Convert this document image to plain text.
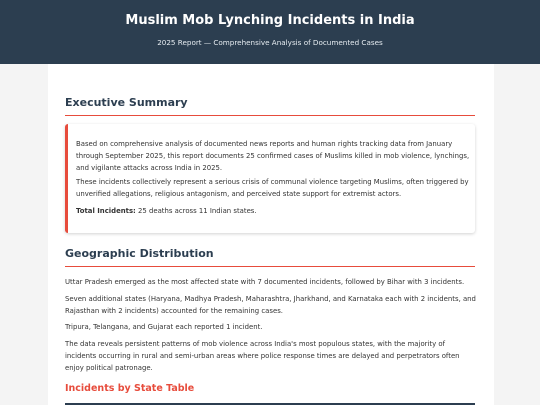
Muslim Mob Lynching Incidents in India
2025 Report — Comprehensive Analysis of Documented Cases
Executive Summary
Based on comprehensive analysis of documented news reports and human rights tracking data from January through September 2025, this report documents 25 confirmed cases of Muslims killed in mob violence, lynchings, and vigilante attacks across India in 2025.
These incidents collectively represent a serious crisis of communal violence targeting Muslims, often triggered by unverified allegations, religious antagonism, and perceived state support for extremist actors.
Total Incidents: 25 deaths across 11 Indian states.
Geographic Distribution
Uttar Pradesh emerged as the most affected state with 7 documented incidents, followed by Bihar with 3 incidents.
Seven additional states (Haryana, Madhya Pradesh, Maharashtra, Jharkhand, and Karnataka each with 2 incidents, and Rajasthan with 2 incidents) accounted for the remaining cases.
Tripura, Telangana, and Gujarat each reported 1 incident.
The data reveals persistent patterns of mob violence across India's most populous states, with the majority of incidents occurring in rural and semi-urban areas where police response times are delayed and perpetrators often enjoy political patronage.
Incidents by State Table
